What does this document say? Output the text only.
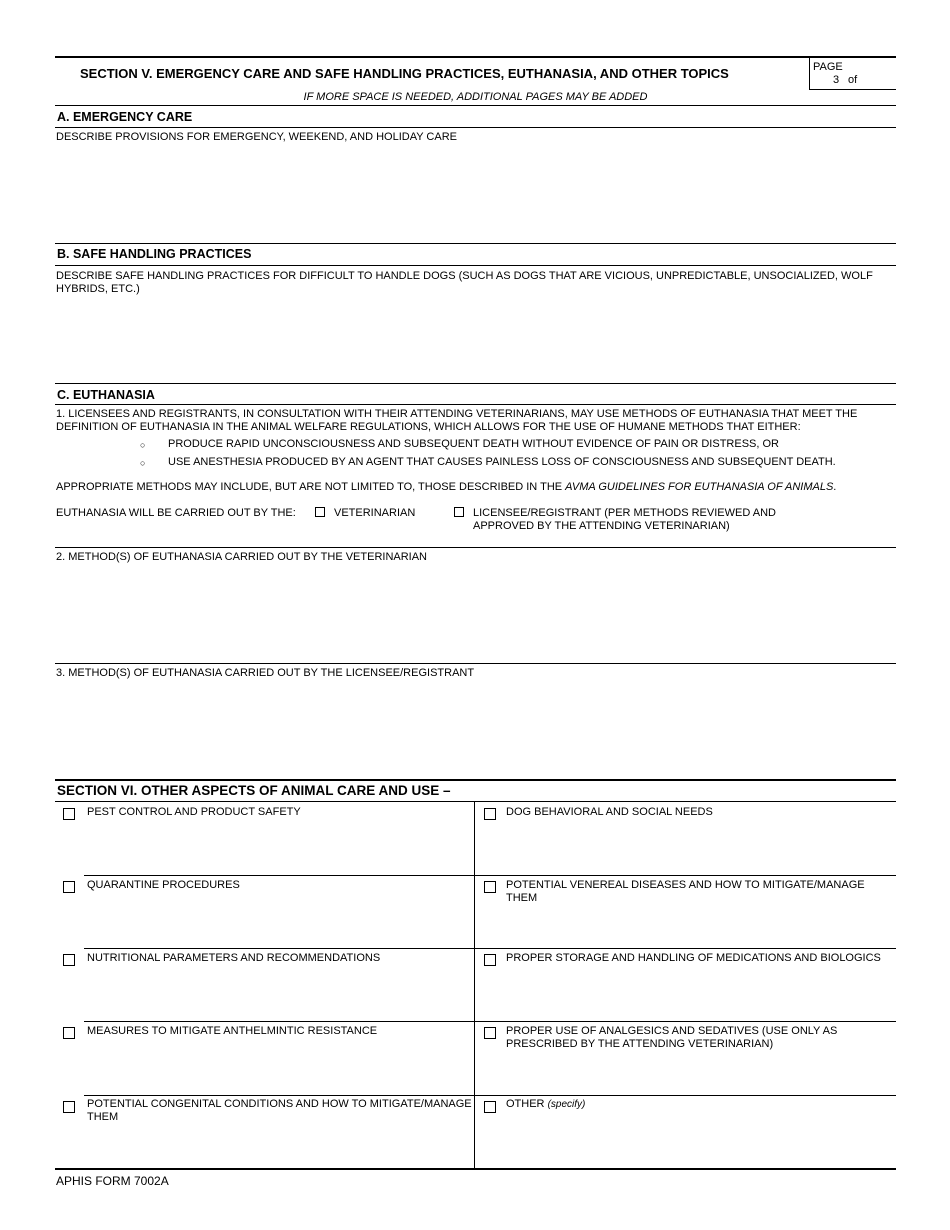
SECTION V. EMERGENCY CARE AND SAFE HANDLING PRACTICES, EUTHANASIA, AND OTHER TOPICS
IF MORE SPACE IS NEEDED, ADDITIONAL PAGES MAY BE ADDED
PAGE
3 of
A. EMERGENCY CARE
DESCRIBE PROVISIONS FOR EMERGENCY, WEEKEND, AND HOLIDAY CARE
B. SAFE HANDLING PRACTICES
DESCRIBE SAFE HANDLING PRACTICES FOR DIFFICULT TO HANDLE DOGS (SUCH AS DOGS THAT ARE VICIOUS, UNPREDICTABLE, UNSOCIALIZED, WOLF HYBRIDS, ETC.)
C. EUTHANASIA
1. LICENSEES AND REGISTRANTS, IN CONSULTATION WITH THEIR ATTENDING VETERINARIANS, MAY USE METHODS OF EUTHANASIA THAT MEET THE DEFINITION OF EUTHANASIA IN THE ANIMAL WELFARE REGULATIONS, WHICH ALLOWS FOR THE USE OF HUMANE METHODS THAT EITHER:
○ PRODUCE RAPID UNCONSCIOUSNESS AND SUBSEQUENT DEATH WITHOUT EVIDENCE OF PAIN OR DISTRESS, OR
○ USE ANESTHESIA PRODUCED BY AN AGENT THAT CAUSES PAINLESS LOSS OF CONSCIOUSNESS AND SUBSEQUENT DEATH.
APPROPRIATE METHODS MAY INCLUDE, BUT ARE NOT LIMITED TO, THOSE DESCRIBED IN THE AVMA GUIDELINES FOR EUTHANASIA OF ANIMALS.
EUTHANASIA WILL BE CARRIED OUT BY THE:	VETERINARIAN	LICENSEE/REGISTRANT (PER METHODS REVIEWED AND
APPROVED BY THE ATTENDING VETERINARIAN)
2. METHOD(S) OF EUTHANASIA CARRIED OUT BY THE VETERINARIAN
3. METHOD(S) OF EUTHANASIA CARRIED OUT BY THE LICENSEE/REGISTRANT
SECTION VI. OTHER ASPECTS OF ANIMAL CARE AND USE –
PEST CONTROL AND PRODUCT SAFETY
QUARANTINE PROCEDURES
NUTRITIONAL PARAMETERS AND RECOMMENDATIONS
MEASURES TO MITIGATE ANTHELMINTIC RESISTANCE
POTENTIAL CONGENITAL CONDITIONS AND HOW TO MITIGATE/MANAGE THEM
DOG BEHAVIORAL AND SOCIAL NEEDS
POTENTIAL VENEREAL DISEASES AND HOW TO MITIGATE/MANAGE THEM
PROPER STORAGE AND HANDLING OF MEDICATIONS AND BIOLOGICS
PROPER USE OF ANALGESICS AND SEDATIVES (USE ONLY AS PRESCRIBED BY THE ATTENDING VETERINARIAN)
OTHER (specify)
APHIS FORM 7002A
